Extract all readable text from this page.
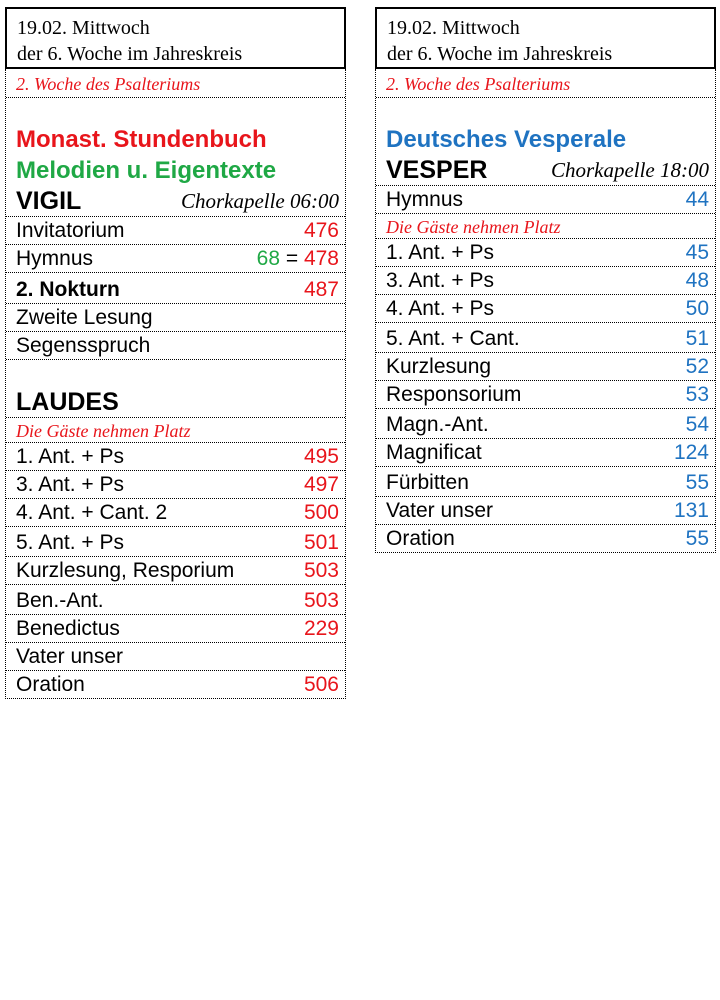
19.02. Mittwoch
der 6. Woche im Jahreskreis
2. Woche des Psalteriums
Monast. Stundenbuch
Melodien u. Eigentexte
VIGIL	Chorkapelle 06:00
Invitatorium	476
Hymnus	68 = 478
2. Nokturn	487
Zweite Lesung
Segensspruch
LAUDES
Die Gäste nehmen Platz
1. Ant. + Ps	495
3. Ant. + Ps	497
4. Ant. + Cant. 2	500
5. Ant. + Ps	501
Kurzlesung, Resporium	503
Ben.-Ant.	503
Benedictus	229
Vater unser
Oration	506
19.02. Mittwoch
der 6. Woche im Jahreskreis
2. Woche des Psalteriums
Deutsches Vesperale
VESPER	Chorkapelle 18:00
Hymnus	44
Die Gäste nehmen Platz
1. Ant. + Ps	45
3. Ant. + Ps	48
4. Ant. + Ps	50
5. Ant. + Cant.	51
Kurzlesung	52
Responsorium	53
Magn.-Ant.	54
Magnificat	124
Fürbitten	55
Vater unser	131
Oration	55
